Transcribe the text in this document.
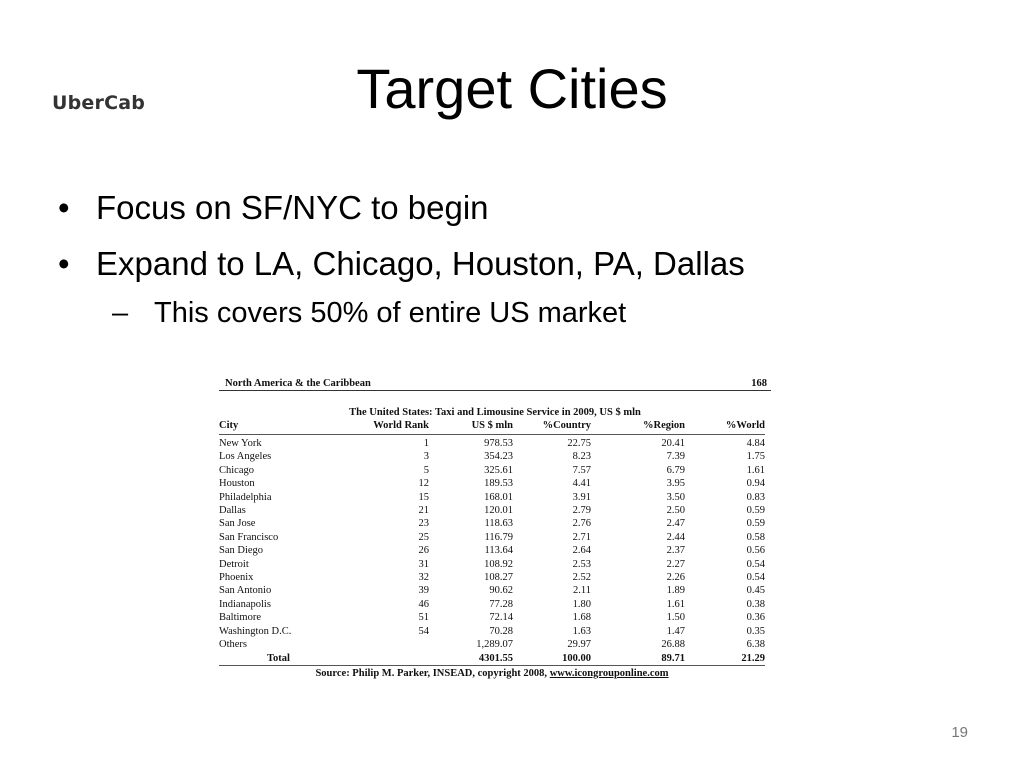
UberCab	Target Cities
• Focus on SF/NYC to begin
• Expand to LA, Chicago, Houston, PA, Dallas
– This covers 50% of entire US market
North America & the Caribbean	168
The United States: Taxi and Limousine Service in 2009, US $ mln
City	World Rank	US $ mln	%Country	%Region	%World
New York	1	978.53	22.75	20.41	4.84
Los Angeles	3	354.23	8.23	7.39	1.75
Chicago	5	325.61	7.57	6.79	1.61
Houston	12	189.53	4.41	3.95	0.94
Philadelphia	15	168.01	3.91	3.50	0.83
Dallas	21	120.01	2.79	2.50	0.59
San Jose	23	118.63	2.76	2.47	0.59
San Francisco	25	116.79	2.71	2.44	0.58
San Diego	26	113.64	2.64	2.37	0.56
Detroit	31	108.92	2.53	2.27	0.54
Phoenix	32	108.27	2.52	2.26	0.54
San Antonio	39	90.62	2.11	1.89	0.45
Indianapolis	46	77.28	1.80	1.61	0.38
Baltimore	51	72.14	1.68	1.50	0.36
Washington D.C.	54	70.28	1.63	1.47	0.35
Others		1,289.07	29.97	26.88	6.38
Total		4301.55	100.00	89.71	21.29
Source: Philip M. Parker, INSEAD, copyright 2008, www.icongrouponline.com
19
